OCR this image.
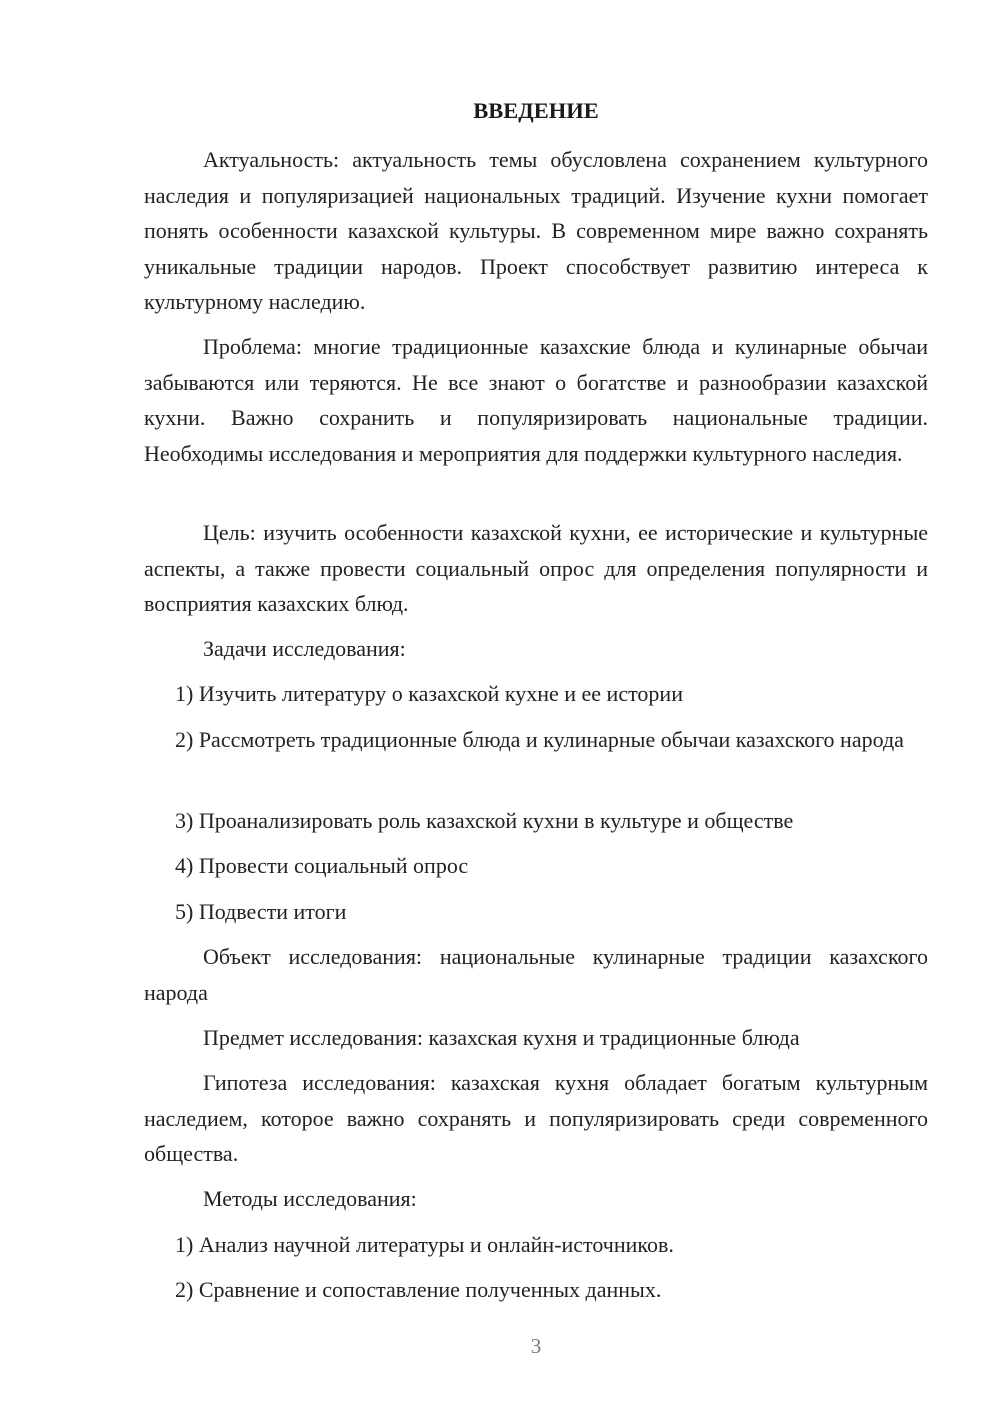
ВВЕДЕНИЕ
Актуальность: актуальность темы обусловлена сохранением культурного наследия и популяризацией национальных традиций. Изучение кухни помогает понять особенности казахской культуры. В современном мире важно сохранять уникальные традиции народов. Проект способствует развитию интереса к культурному наследию.
Проблема: многие традиционные казахские блюда и кулинарные обычаи забываются или теряются. Не все знают о богатстве и разнообразии казахской кухни. Важно сохранить и популяризировать национальные традиции. Необходимы исследования и мероприятия для поддержки культурного наследия.
Цель: изучить особенности казахской кухни, ее исторические и культурные аспекты, а также провести социальный опрос для определения популярности и восприятия казахских блюд.
Задачи исследования:
1) Изучить литературу о казахской кухне и ее истории
2) Рассмотреть традиционные блюда и кулинарные обычаи казахского народа
3) Проанализировать роль казахской кухни в культуре и обществе
4) Провести социальный опрос
5) Подвести итоги
Объект исследования: национальные кулинарные традиции казахского народа
Предмет исследования: казахская кухня и традиционные блюда
Гипотеза исследования: казахская кухня обладает богатым культурным наследием, которое важно сохранять и популяризировать среди современного общества.
Методы исследования:
1) Анализ научной литературы и онлайн-источников.
2) Сравнение и сопоставление полученных данных.
3
